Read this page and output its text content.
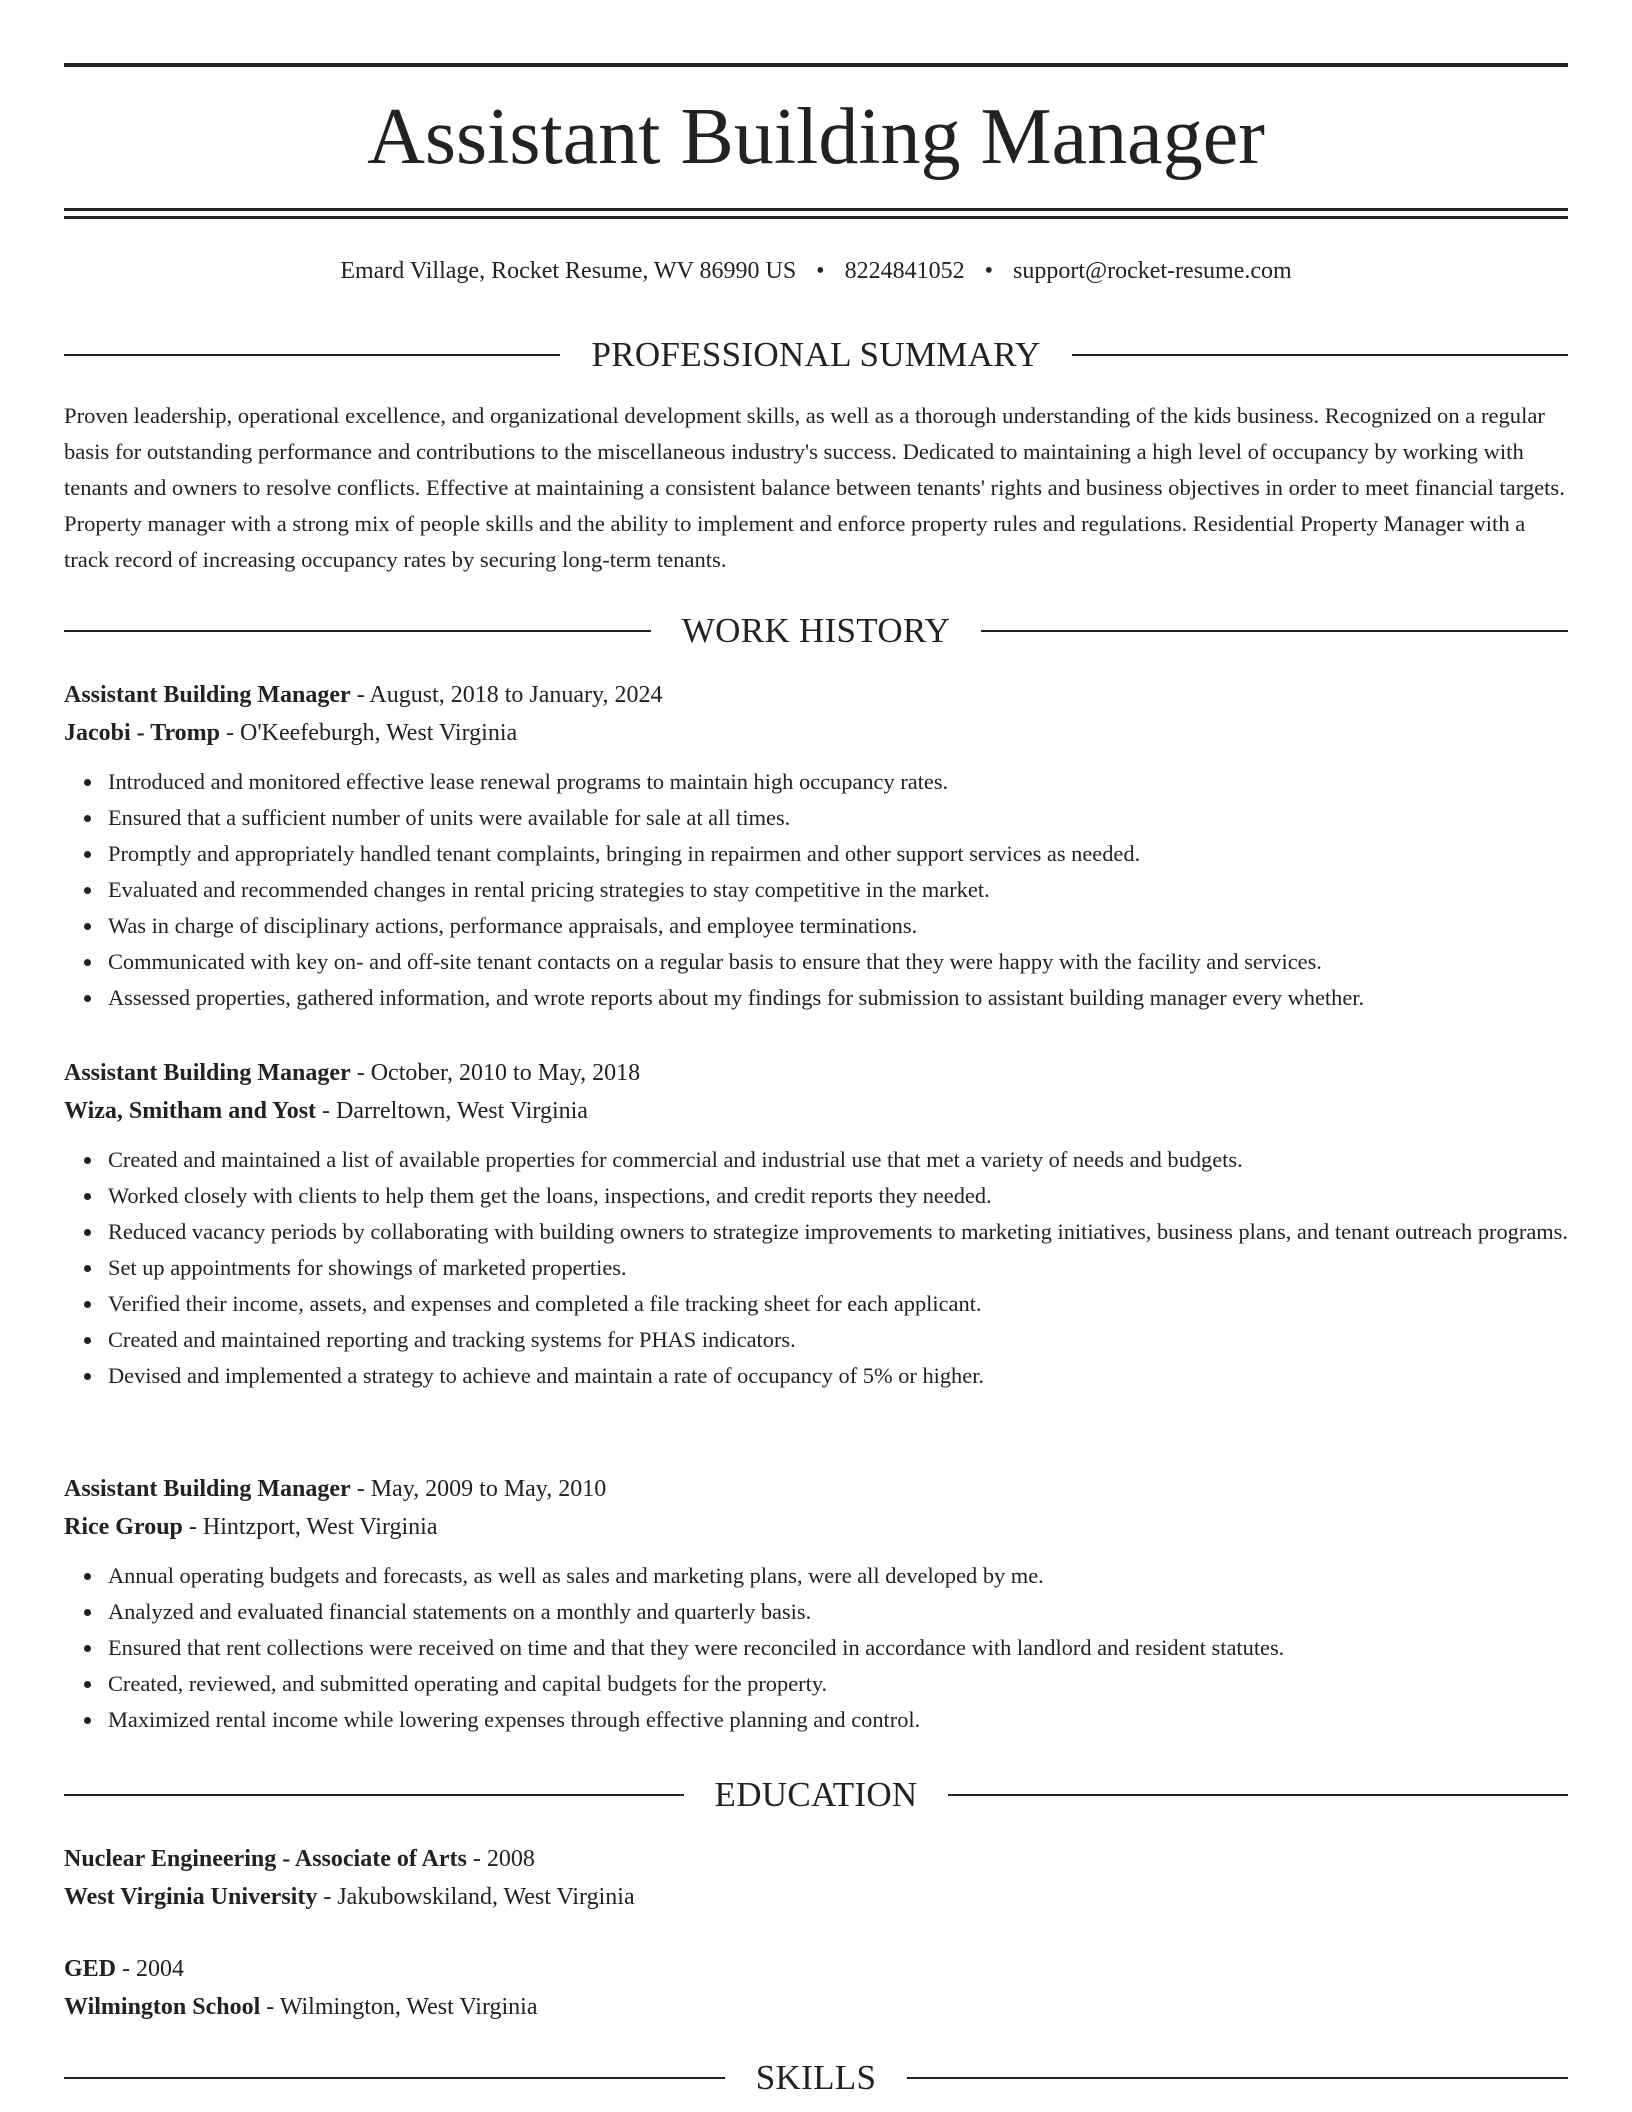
Assistant Building Manager
Emard Village, Rocket Resume, WV 86990 US • 8224841052 • support@rocket-resume.com
PROFESSIONAL SUMMARY

Proven leadership, operational excellence, and organizational development skills, as well as a thorough understanding of the kids business. Recognized on a regular basis for outstanding performance and contributions to the miscellaneous industry's success. Dedicated to maintaining a high level of occupancy by working with tenants and owners to resolve conflicts. Effective at maintaining a consistent balance between tenants' rights and business objectives in order to meet financial targets. Property manager with a strong mix of people skills and the ability to implement and enforce property rules and regulations. Residential Property Manager with a track record of increasing occupancy rates by securing long-term tenants.

WORK HISTORY
Assistant Building Manager - August, 2018 to January, 2024
Jacobi - Tromp - O'Keefeburgh, West Virginia
Introduced and monitored effective lease renewal programs to maintain high occupancy rates.
Ensured that a sufficient number of units were available for sale at all times.
Promptly and appropriately handled tenant complaints, bringing in repairmen and other support services as needed.
Evaluated and recommended changes in rental pricing strategies to stay competitive in the market.
Was in charge of disciplinary actions, performance appraisals, and employee terminations.
Communicated with key on- and off-site tenant contacts on a regular basis to ensure that they were happy with the facility and services.
Assessed properties, gathered information, and wrote reports about my findings for submission to assistant building manager every whether.
Assistant Building Manager - October, 2010 to May, 2018
Wiza, Smitham and Yost - Darreltown, West Virginia
Created and maintained a list of available properties for commercial and industrial use that met a variety of needs and budgets.
Worked closely with clients to help them get the loans, inspections, and credit reports they needed.
Reduced vacancy periods by collaborating with building owners to strategize improvements to marketing initiatives, business plans, and tenant outreach programs.
Set up appointments for showings of marketed properties.
Verified their income, assets, and expenses and completed a file tracking sheet for each applicant.
Created and maintained reporting and tracking systems for PHAS indicators.
Devised and implemented a strategy to achieve and maintain a rate of occupancy of 5% or higher.
Assistant Building Manager - May, 2009 to May, 2010
Rice Group - Hintzport, West Virginia
Annual operating budgets and forecasts, as well as sales and marketing plans, were all developed by me.
Analyzed and evaluated financial statements on a monthly and quarterly basis.
Ensured that rent collections were received on time and that they were reconciled in accordance with landlord and resident statutes.
Created, reviewed, and submitted operating and capital budgets for the property.
Maximized rental income while lowering expenses through effective planning and control.
EDUCATION
Nuclear Engineering - Associate of Arts - 2008
West Virginia University - Jakubowskiland, West Virginia
GED - 2004
Wilmington School - Wilmington, West Virginia
SKILLS
